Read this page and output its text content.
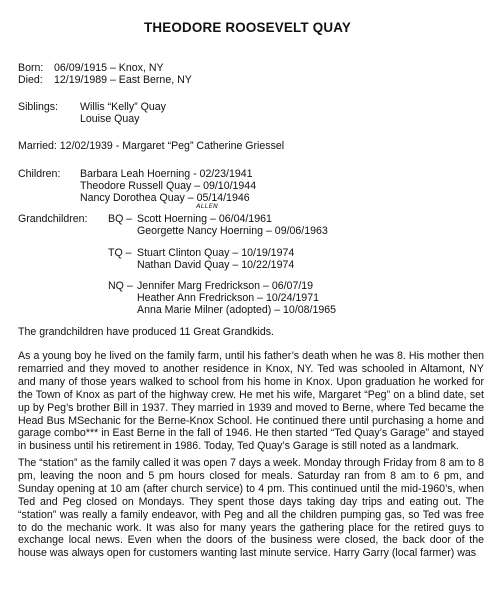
THEODORE ROOSEVELT QUAY
Born: 06/09/1915 – Knox, NY
Died: 12/19/1989 – East Berne, NY
Siblings: Willis “Kelly” Quay
Louise Quay
Married: 12/02/1939 - Margaret “Peg” Catherine Griessel
Children: Barbara Leah Hoerning - 02/23/1941
Theodore Russell Quay – 09/10/1944
Nancy Dorothea Quay – 05/14/1946
Grandchildren:
ALLEN
BQ – Scott Hoerning – 06/04/1961
Georgette Nancy Hoerning – 09/06/1963
TQ – Stuart Clinton Quay – 10/19/1974
Nathan David Quay – 10/22/1974
NQ – Jennifer Marg Fredrickson – 06/07/19
Heather Ann Fredrickson – 10/24/1971
Anna Marie Milner (adopted) – 10/08/1965
The grandchildren have produced 11 Great Grandkids.
As a young boy he lived on the family farm, until his father’s death when he was 8. His mother then remarried and they moved to another residence in Knox, NY. Ted was schooled in Altamont, NY and many of those years walked to school from his home in Knox. Upon graduation he worked for the Town of Knox as part of the highway crew. He met his wife, Margaret “Peg” on a blind date, set up by Peg’s brother Bill in 1937. They married in 1939 and moved to Berne, where Ted became the Head Bus MSechanic for the Berne-Knox School. He continued there until purchasing a home and garage combo*** in East Berne in the fall of 1946. He then started “Ted Quay’s Garage” and stayed in business until his retirement in 1986. Today, Ted Quay’s Garage is still noted as a landmark.
The “station” as the family called it was open 7 days a week. Monday through Friday from 8 am to 8 pm, leaving the noon and 5 pm hours closed for meals. Saturday ran from 8 am to 6 pm, and Sunday opening at 10 am (after church service) to 4 pm. This continued until the mid-1960’s, when Ted and Peg closed on Mondays. They spent those days taking day trips and eating out. The “station” was really a family endeavor, with Peg and all the children pumping gas, so Ted was free to do the mechanic work. It was also for many years the gathering place for the retired guys to exchange local news. Even when the doors of the business were closed, the back door of the house was always open for customers wanting last minute service. Harry Garry (local farmer) was
